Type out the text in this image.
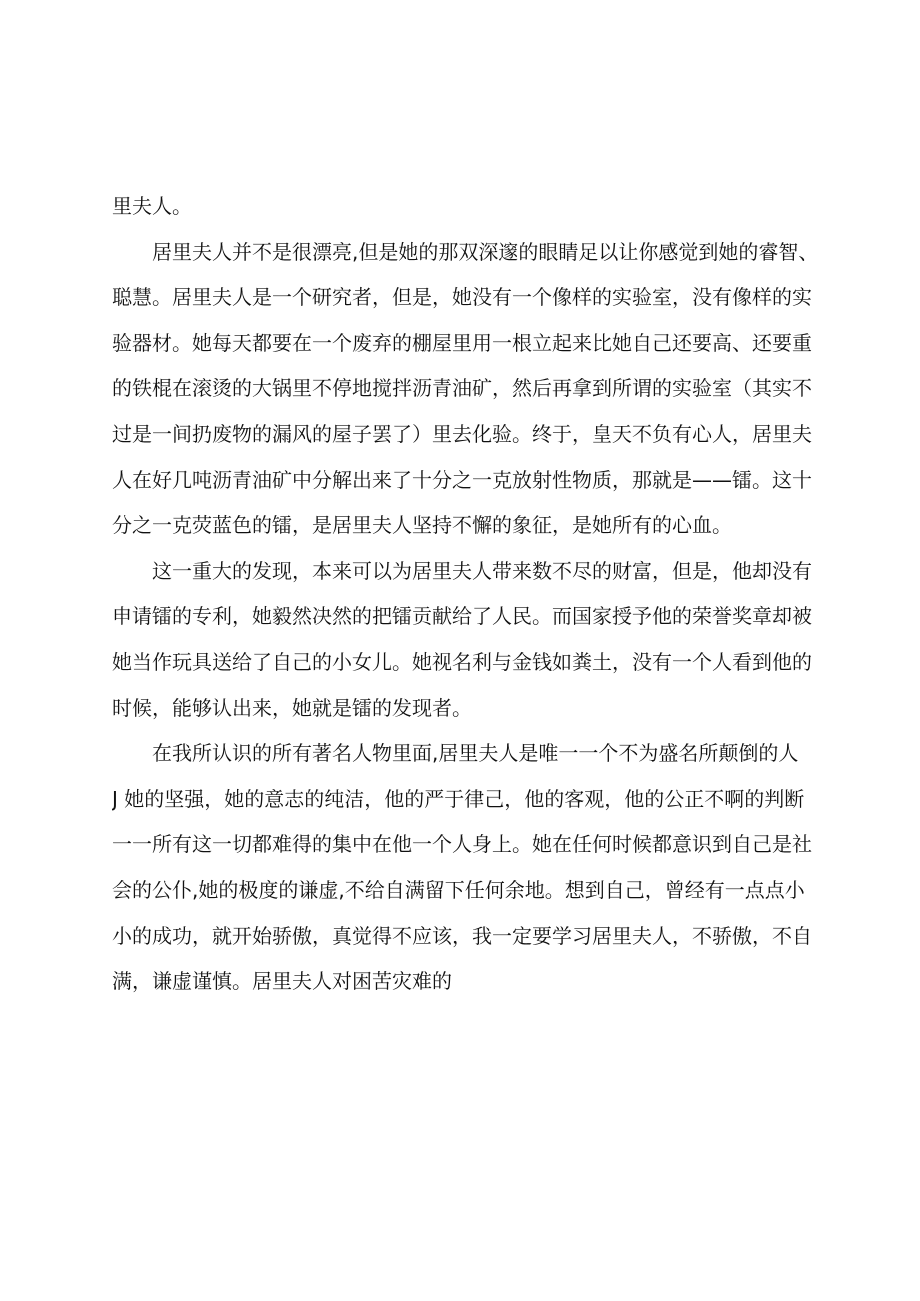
里夫人。
居里夫人并不是很漂亮,但是她的那双深邃的眼睛足以让你感觉到她的睿智、
聪慧。居里夫人是一个研究者，但是，她没有一个像样的实验室，没有像样的实
验器材。她每天都要在一个废弃的棚屋里用一根立起来比她自己还要高、还要重
的铁棍在滚烫的大锅里不停地搅拌沥青油矿，然后再拿到所谓的实验室（其实不
过是一间扔废物的漏风的屋子罢了）里去化验。终于，皇天不负有心人，居里夫
人在好几吨沥青油矿中分解出来了十分之一克放射性物质，那就是——镭。这十
分之一克荧蓝色的镭，是居里夫人坚持不懈的象征，是她所有的心血。
这一重大的发现，本来可以为居里夫人带来数不尽的财富，但是，他却没有
申请镭的专利，她毅然决然的把镭贡献给了人民。而国家授予他的荣誉奖章却被
她当作玩具送给了自己的小女儿。她视名利与金钱如粪土，没有一个人看到他的
时候，能够认出来，她就是镭的发现者。
在我所认识的所有著名人物里面,居里夫人是唯一一个不为盛名所颠倒的人
J 她的坚强，她的意志的纯洁，他的严于律己，他的客观，他的公正不啊的判断
一一所有这一切都难得的集中在他一个人身上。她在任何时候都意识到自己是社
会的公仆,她的极度的谦虚,不给自满留下任何余地。想到自己，曾经有一点点小
小的成功，就开始骄傲，真觉得不应该，我一定要学习居里夫人，不骄傲，不自
满，谦虚谨慎。居里夫人对困苦灾难的
